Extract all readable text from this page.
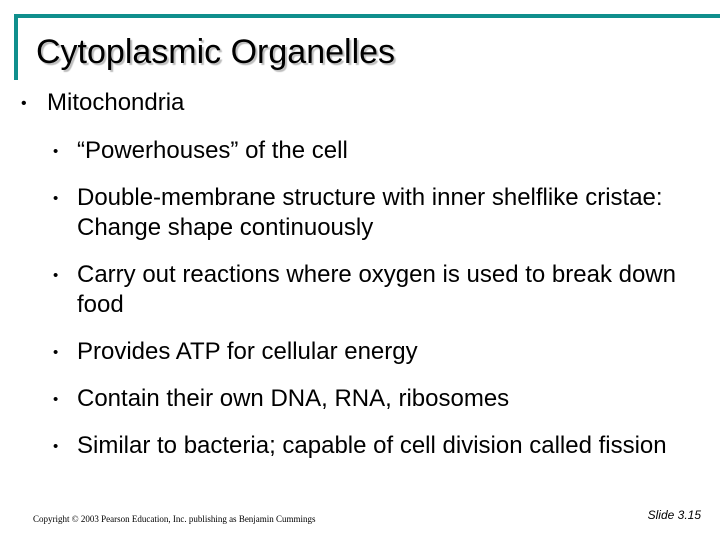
Cytoplasmic Organelles
• Mitochondria
• “Powerhouses” of the cell
• Double-membrane structure with inner shelflike cristae: Change shape continuously
• Carry out reactions where oxygen is used to break down food
• Provides ATP for cellular energy
• Contain their own DNA, RNA, ribosomes
• Similar to bacteria; capable of cell division called fission
Copyright © 2003 Pearson Education, Inc. publishing as Benjamin Cummings	Slide 3.15
